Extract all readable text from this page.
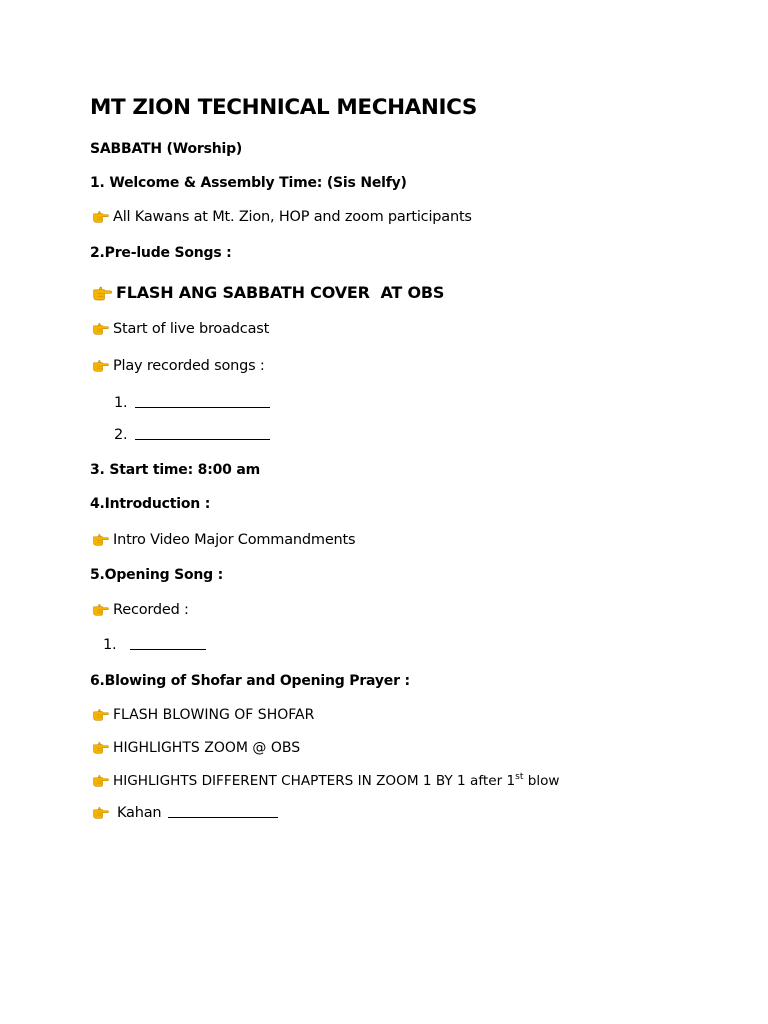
MT ZION TECHNICAL MECHANICS
SABBATH (Worship)
1. Welcome & Assembly Time: (Sis Nelfy)
All Kawans at Mt. Zion, HOP and zoom participants
2.Pre-lude Songs :
FLASH ANG SABBATH COVER  AT OBS
Start of live broadcast
Play recorded songs :
1.
2.
3. Start time: 8:00 am
4.Introduction :
Intro Video Major Commandments
5.Opening Song :
Recorded :
1.
6.Blowing of Shofar and Opening Prayer :
FLASH BLOWING OF SHOFAR
HIGHLIGHTS ZOOM @ OBS
HIGHLIGHTS DIFFERENT CHAPTERS IN ZOOM 1 BY 1 after 1st blow
Kahan
